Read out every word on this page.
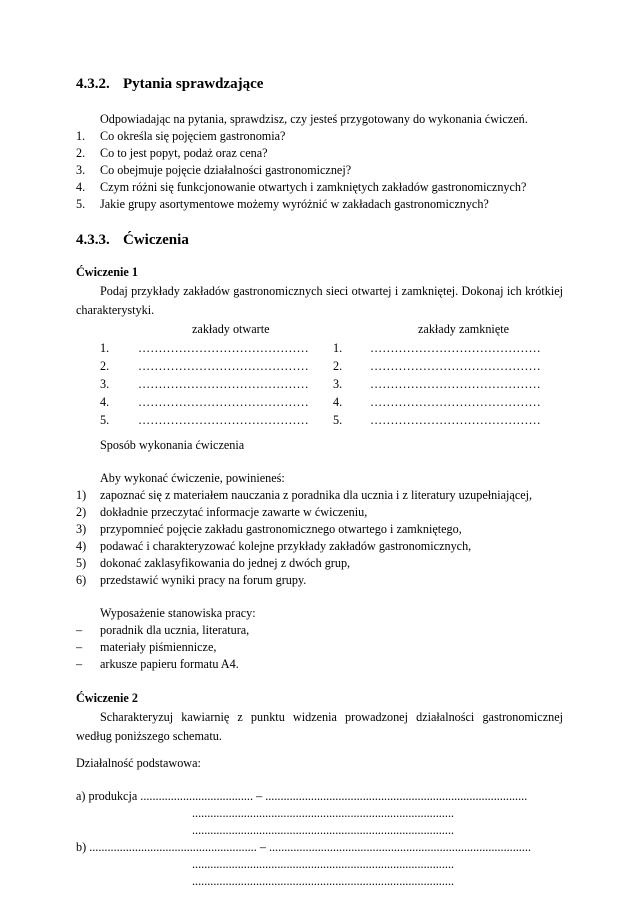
4.3.2. Pytania sprawdzające
Odpowiadając na pytania, sprawdzisz, czy jesteś przygotowany do wykonania ćwiczeń.
1. Co określa się pojęciem gastronomia?
2. Co to jest popyt, podaż oraz cena?
3. Co obejmuje pojęcie działalności gastronomicznej?
4. Czym różni się funkcjonowanie otwartych i zamkniętych zakładów gastronomicznych?
5. Jakie grupy asortymentowe możemy wyróżnić w zakładach gastronomicznych?
4.3.3. Ćwiczenia
Ćwiczenie 1
Podaj przykłady zakładów gastronomicznych sieci otwartej i zamkniętej. Dokonaj ich krótkiej charakterystyki.
zakłady otwarte	zakłady zamknięte
1. …………………………………… 1. ……………………………………
2. …………………………………… 2. ……………………………………
3. …………………………………… 3. ……………………………………
4. …………………………………… 4. ……………………………………
5. …………………………………… 5. ……………………………………
Sposób wykonania ćwiczenia
Aby wykonać ćwiczenie, powinieneś:
1) zapoznać się z materiałem nauczania z poradnika dla ucznia i z literatury uzupełniającej,
2) dokładnie przeczytać informacje zawarte w ćwiczeniu,
3) przypomnieć pojęcie zakładu gastronomicznego otwartego i zamkniętego,
4) podawać i charakteryzować kolejne przykłady zakładów gastronomicznych,
5) dokonać zaklasyfikowania do jednej z dwóch grup,
6) przedstawić wyniki pracy na forum grupy.
Wyposażenie stanowiska pracy:
– poradnik dla ucznia, literatura,
– materiały piśmiennicze,
– arkusze papieru formatu A4.
Ćwiczenie 2
Scharakteryzuj kawiarnię z punktu widzenia prowadzonej działalności gastronomicznej według poniższego schematu.
Działalność podstawowa:
a) produkcja ..................................... – ......................................................................................
......................................................................................
......................................................................................
b) ....................................................... – ......................................................................................
......................................................................................
......................................................................................
